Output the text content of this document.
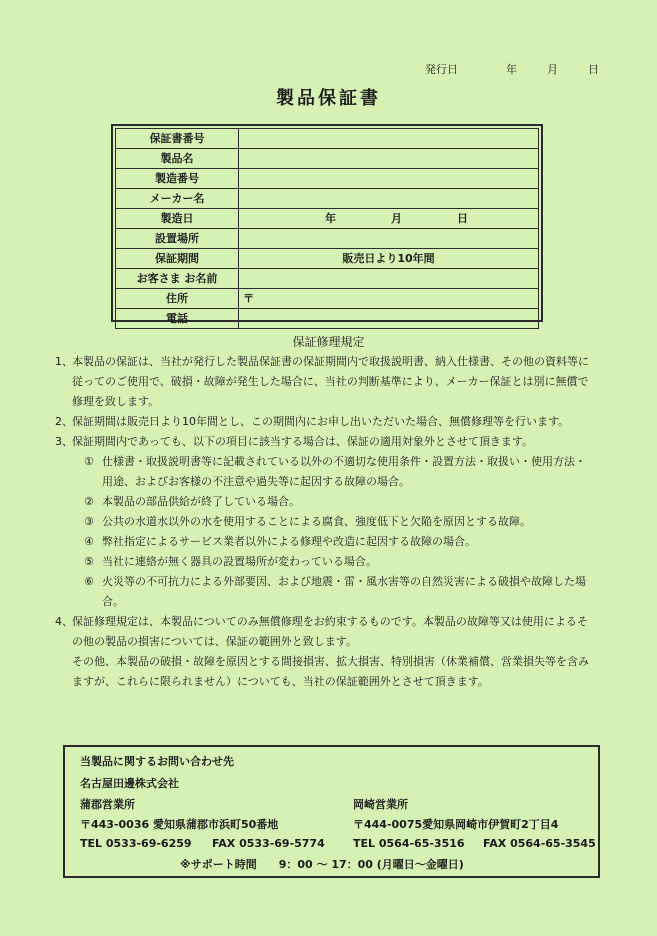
発行日	年	月	日
製品保証書
保証書番号	
製品名	
製造番号	
メーカー名	
製造日	年 月 日
設置場所	
保証期間	販売日より10年間
お客さま お名前	
住所	〒
電話	
保証修理規定
1、 本製品の保証は、当社が発行した製品保証書の保証期間内で取扱説明書、納入仕様書、その他の資料等に従ってのご使用で、破損・故障が発生した場合に、当社の判断基準により、メーカー保証とは別に無償で修理を致します。
2、 保証期間は販売日より10年間とし、この期間内にお申し出いただいた場合、無償修理等を行います。
3、 保証期間内であっても、以下の項目に該当する場合は、保証の適用対象外とさせて頂きます。
① 仕様書・取扱説明書等に記載されている以外の不適切な使用条件・設置方法・取扱い・使用方法・用途、およびお客様の不注意や過失等に起因する故障の場合。
② 本製品の部品供給が終了している場合。
③ 公共の水道水以外の水を使用することによる腐食、強度低下と欠陥を原因とする故障。
④ 弊社指定によるサービス業者以外による修理や改造に起因する故障の場合。
⑤ 当社に連絡が無く器具の設置場所が変わっている場合。
⑥ 火災等の不可抗力による外部要因、および地震・雷・風水害等の自然災害による破損や故障した場合。
4、 保証修理規定は、本製品についてのみ無償修理をお約束するものです。本製品の故障等又は使用によるその他の製品の損害については、保証の範囲外と致します。
その他、本製品の破損・故障を原因とする間接損害、拡大損害、特別損害（休業補償、営業損失等を含みますが、これらに限られません）についても、当社の保証範囲外とさせて頂きます。
当製品に関するお問い合わせ先
名古屋田邊株式会社
蒲郡営業所	岡崎営業所
〒443-0036 愛知県蒲郡市浜町50番地	〒444-0075愛知県岡崎市伊賀町2丁目4
TEL 0533-69-6259 FAX 0533-69-5774	TEL 0564-65-3516 FAX 0564-65-3545
※サポート時間　　9：00 ～ 17：00 (月曜日～金曜日)
